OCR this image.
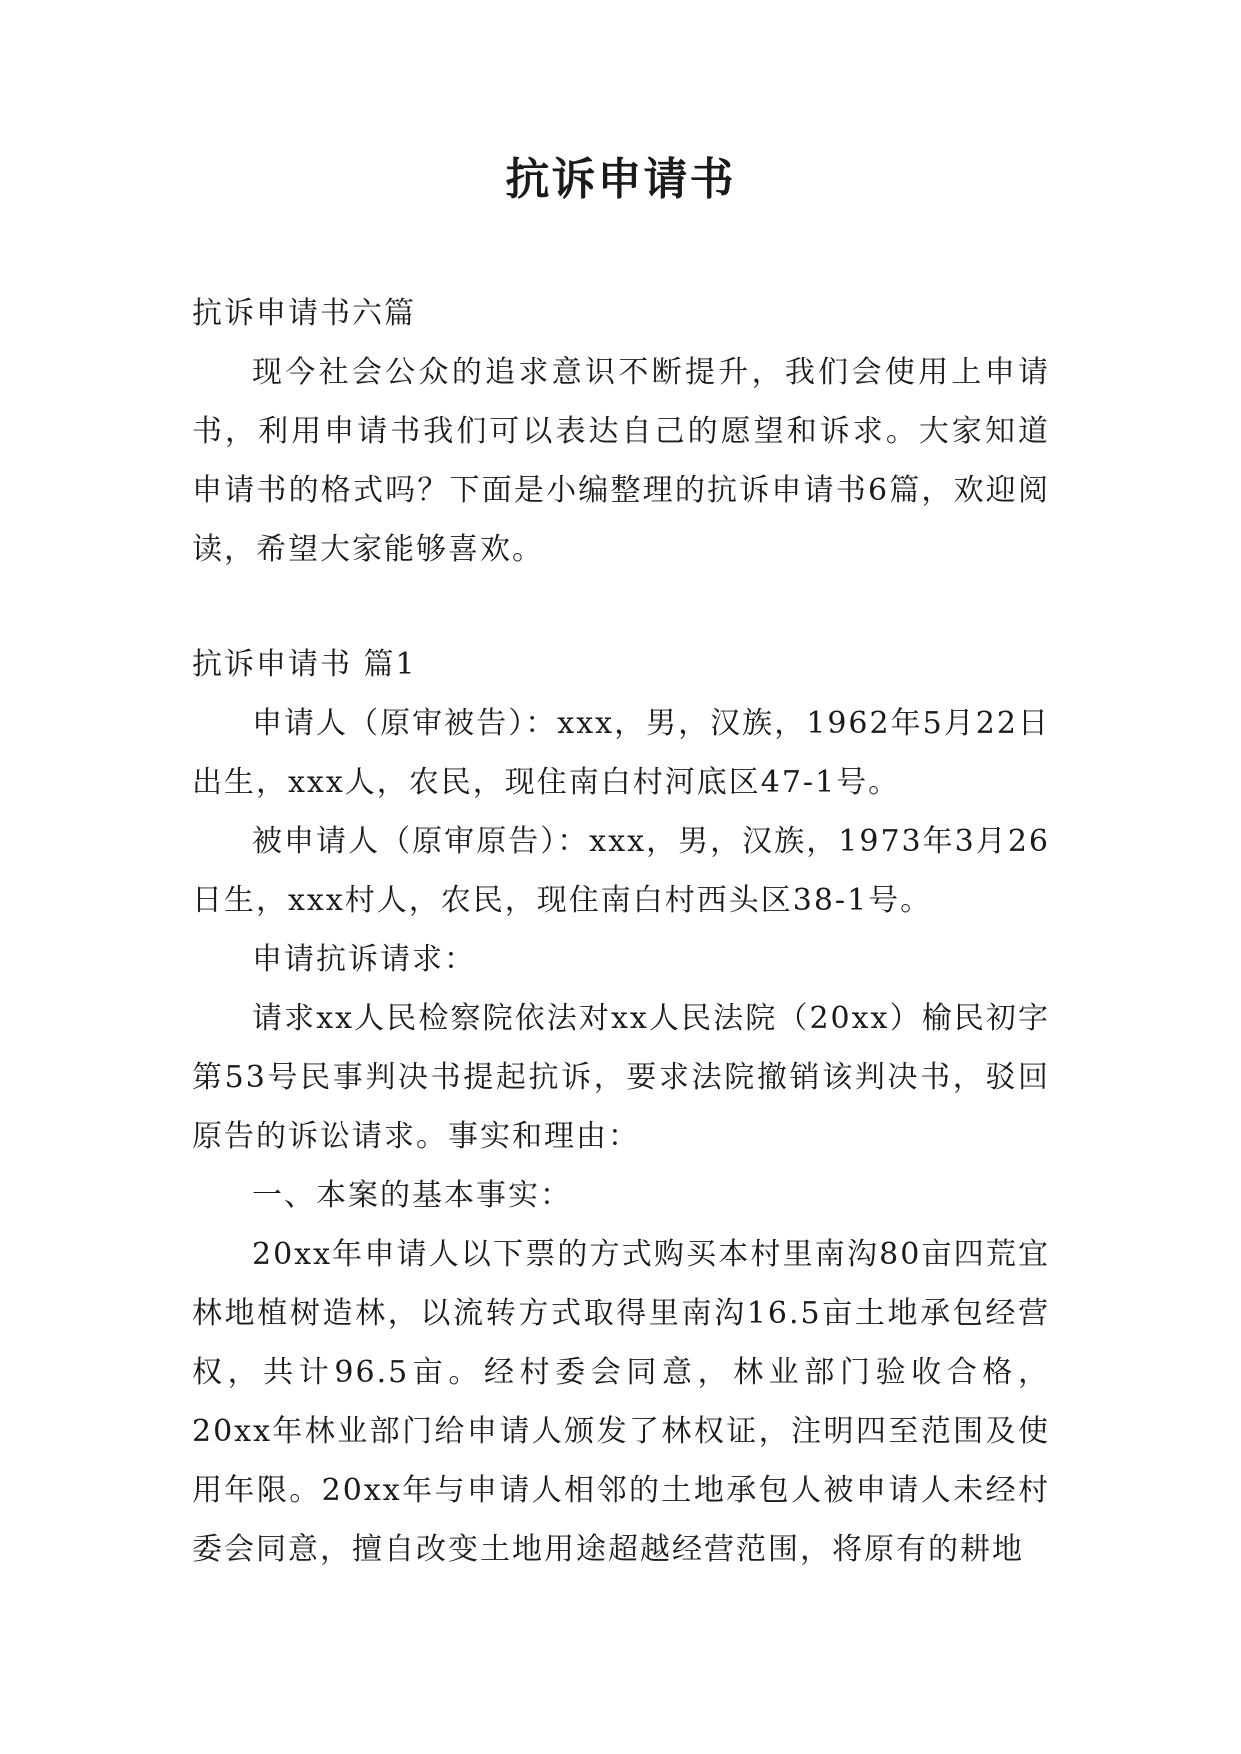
抗诉申请书

抗诉申请书六篇

现今社会公众的追求意识不断提升，我们会使用上申请书，利用申请书我们可以表达自己的愿望和诉求。大家知道申请书的格式吗？下面是小编整理的抗诉申请书6篇，欢迎阅读，希望大家能够喜欢。

抗诉申请书 篇1

申请人（原审被告）：xxx，男，汉族，1962年5月22日出生，xxx人，农民，现住南白村河底区47-1号。

被申请人（原审原告）：xxx，男，汉族，1973年3月26日生，xxx村人，农民，现住南白村西头区38-1号。

申请抗诉请求：

请求xx人民检察院依法对xx人民法院（20xx）榆民初字第53号民事判决书提起抗诉，要求法院撤销该判决书，驳回原告的诉讼请求。事实和理由：

一、本案的基本事实：

20xx年申请人以下票的方式购买本村里南沟80亩四荒宜林地植树造林，以流转方式取得里南沟16.5亩土地承包经营权，共计96.5亩。经村委会同意，林业部门验收合格，20xx年林业部门给申请人颁发了林权证，注明四至范围及使用年限。20xx年与申请人相邻的土地承包人被申请人未经村委会同意，擅自改变土地用途超越经营范围，将原有的耕地
